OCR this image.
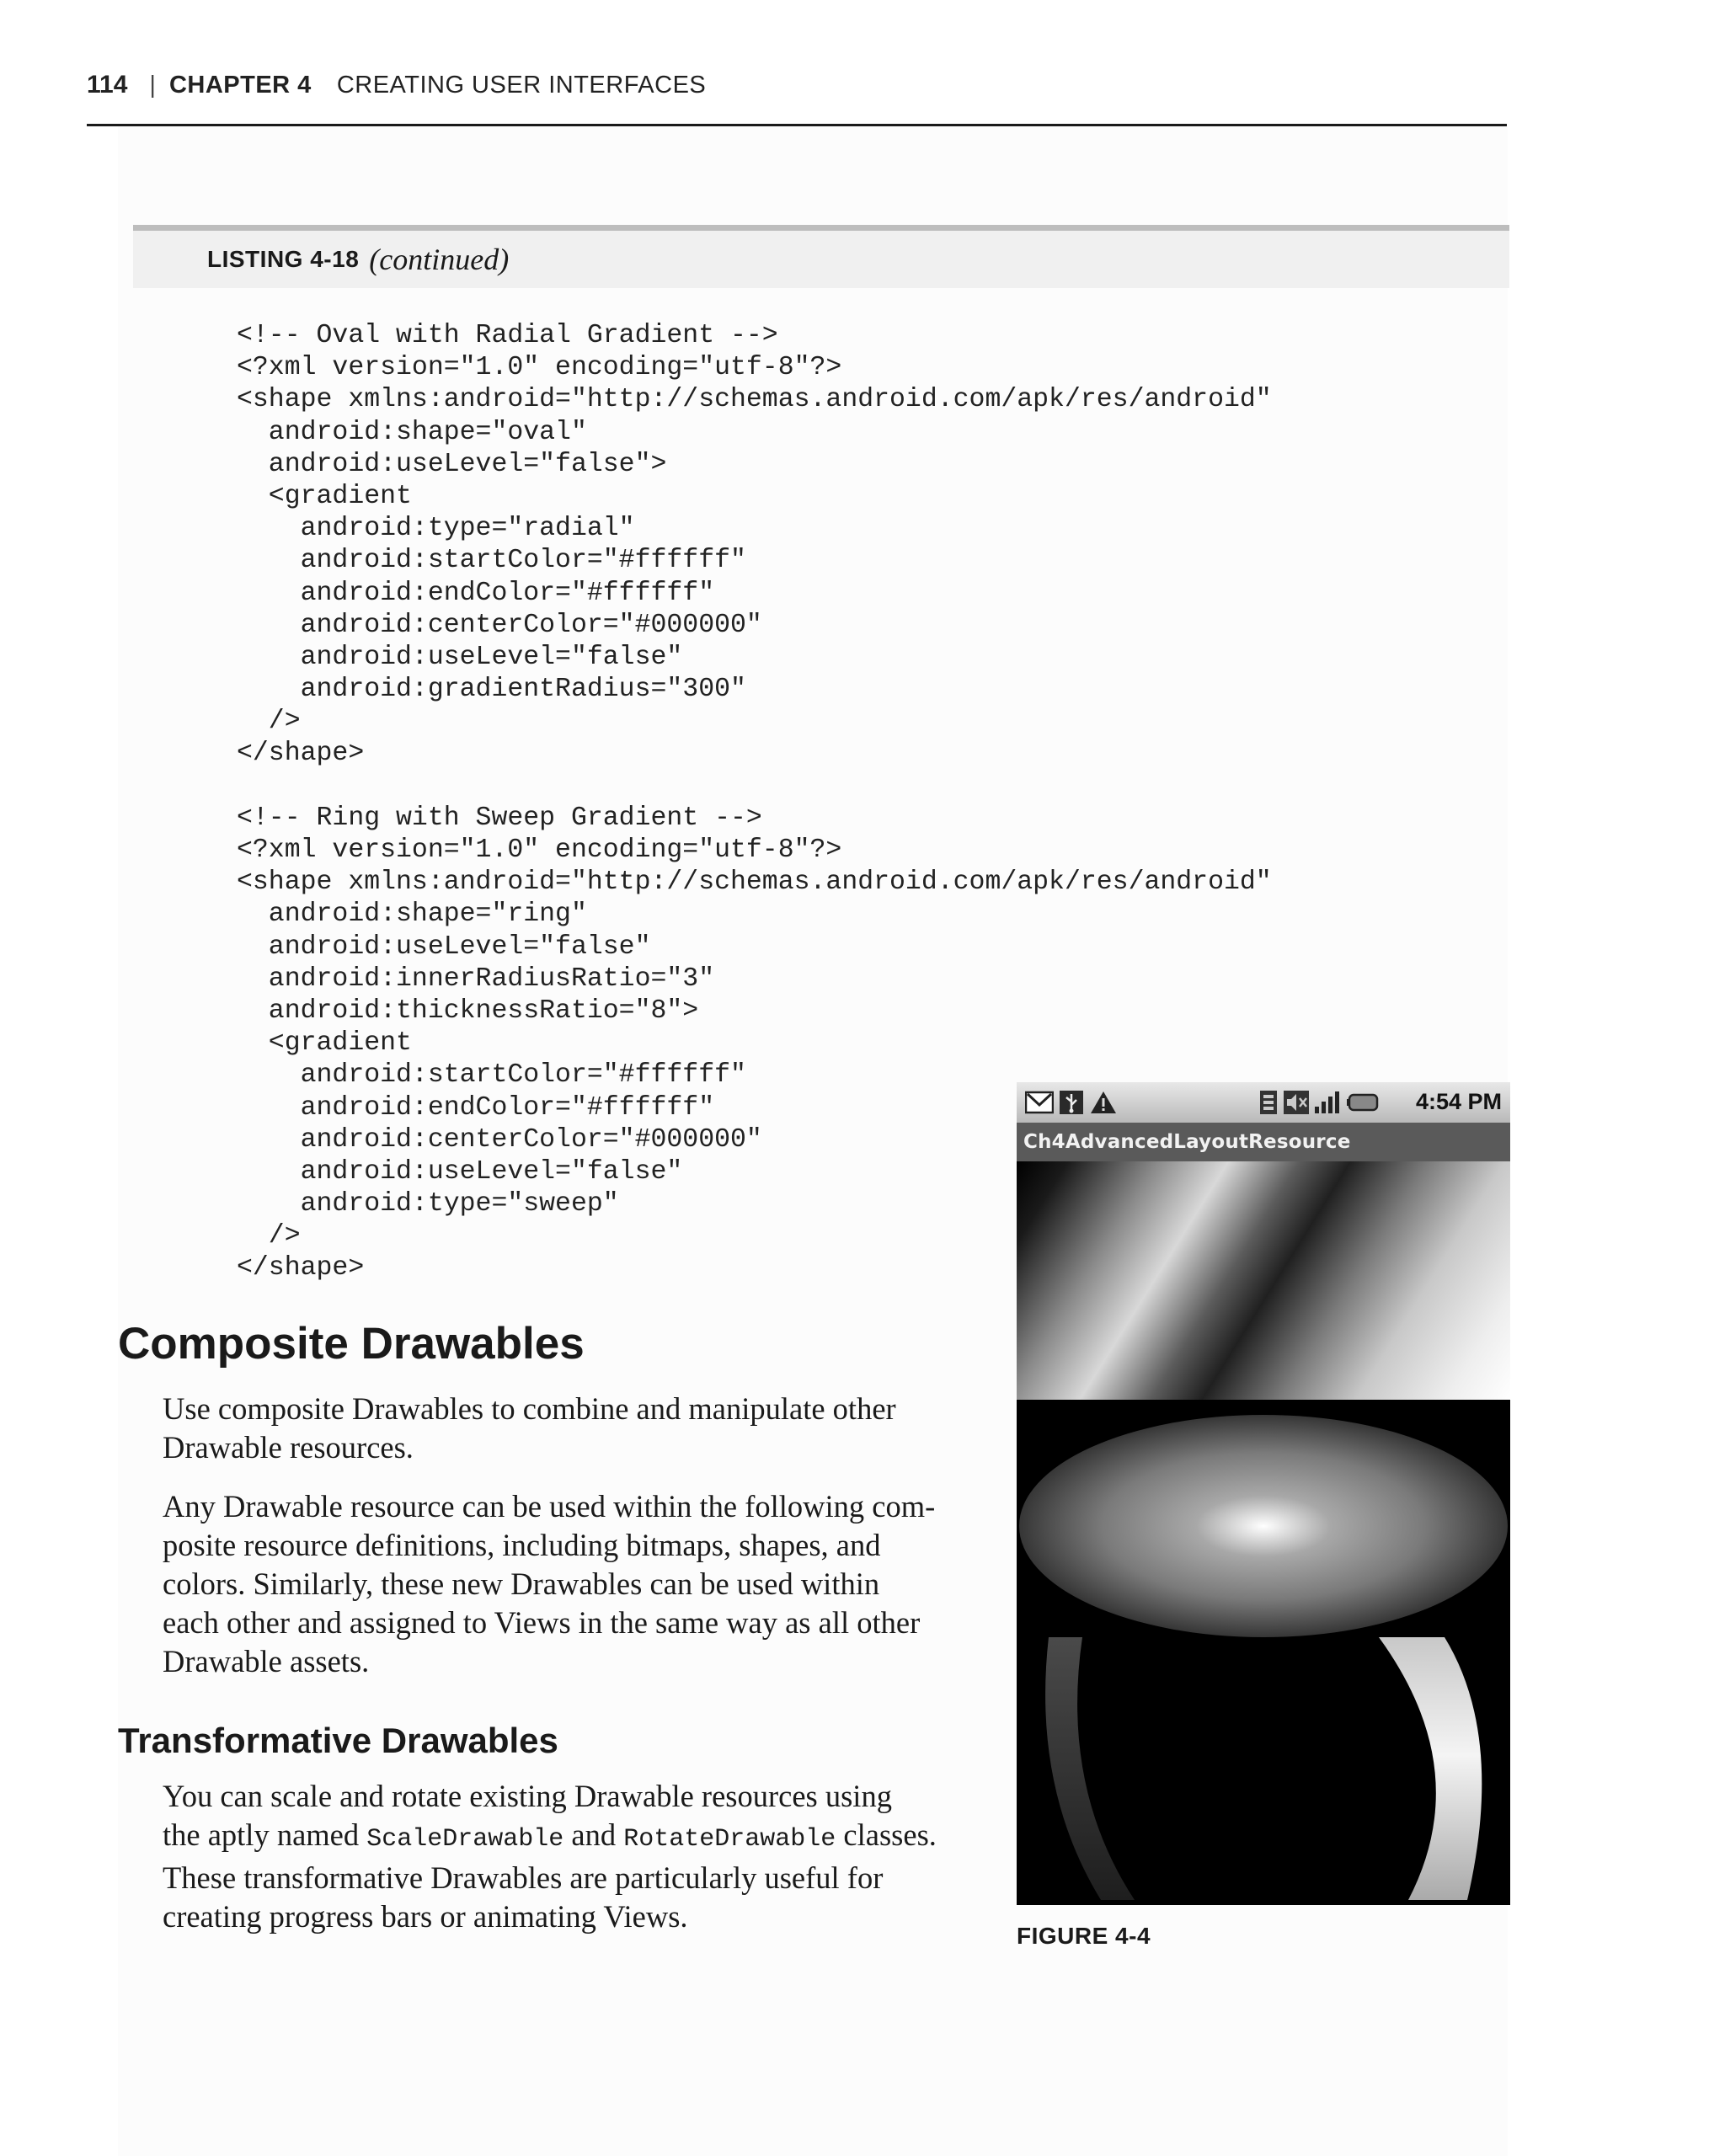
114 | CHAPTER 4 CREATING USER INTERFACES
LISTING 4-18 (continued)
<!-- Oval with Radial Gradient -->
<?xml version="1.0" encoding="utf-8"?>
<shape xmlns:android="http://schemas.android.com/apk/res/android"
android:shape="oval"
android:useLevel="false">
<gradient
android:type="radial"
android:startColor="#ffffff"
android:endColor="#ffffff"
android:centerColor="#000000"
android:useLevel="false"
android:gradientRadius="300"
/>
</shape>
<!-- Ring with Sweep Gradient -->
<?xml version="1.0" encoding="utf-8"?>
<shape xmlns:android="http://schemas.android.com/apk/res/android"
android:shape="ring"
android:useLevel="false"
android:innerRadiusRatio="3"
android:thicknessRatio="8">
<gradient
android:startColor="#ffffff"
android:endColor="#ffffff"
android:centerColor="#000000"
android:useLevel="false"
android:type="sweep"
/>
</shape>
Composite Drawables
Use composite Drawables to combine and manipulate other
Drawable resources.
Any Drawable resource can be used within the following com-
posite resource definitions, including bitmaps, shapes, and
colors. Similarly, these new Drawables can be used within
each other and assigned to Views in the same way as all other
Drawable assets.
Transformative Drawables
You can scale and rotate existing Drawable resources using
the aptly named ScaleDrawable and RotateDrawable classes.
These transformative Drawables are particularly useful for
creating progress bars or animating Views.
4:54 PM
Ch4AdvancedLayoutResource
FIGURE 4-4
